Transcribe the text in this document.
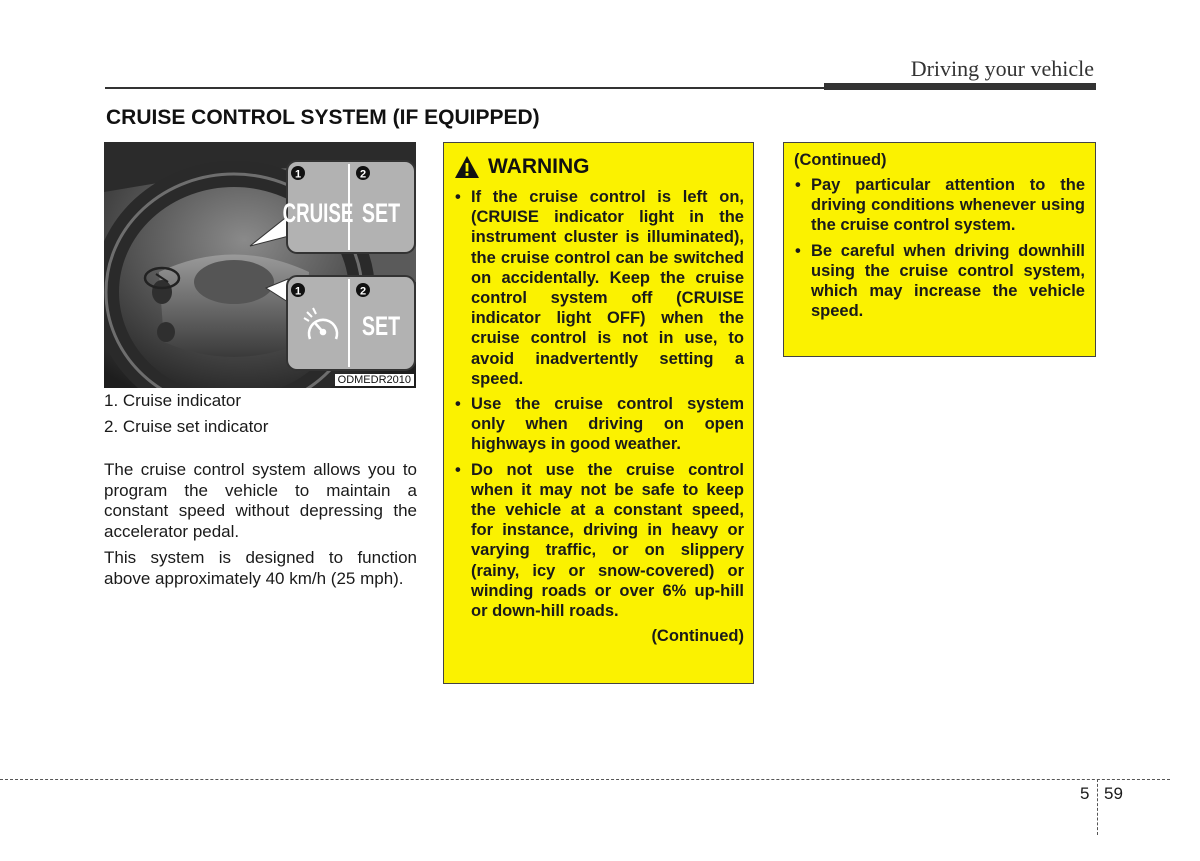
Driving your vehicle
CRUISE CONTROL SYSTEM (IF EQUIPPED)
1	2
1	2
CRUISE SET
SET
ODMEDR2010
1. Cruise indicator
2. Cruise set indicator

The cruise control system allows you to program the vehicle to maintain a constant speed without depressing the accelerator pedal.

This system is designed to function above approximately 40 km/h (25 mph).

WARNING
• If the cruise control is left on, (CRUISE indicator light in the instrument cluster is illuminated), the cruise control can be switched on accidentally. Keep the cruise control system off (CRUISE indicator light OFF) when the cruise control is not in use, to avoid inadvertently setting a speed.
• Use the cruise control system only when driving on open highways in good weather.
• Do not use the cruise control when it may not be safe to keep the vehicle at a constant speed, for instance, driving in heavy or varying traffic, or on slippery (rainy, icy or snow-covered) or winding roads or over 6% up-hill or down-hill roads.
(Continued)
(Continued)
• Pay particular attention to the driving conditions whenever using the cruise control system.
• Be careful when driving downhill using the cruise control system, which may increase the vehicle speed.
5 59
